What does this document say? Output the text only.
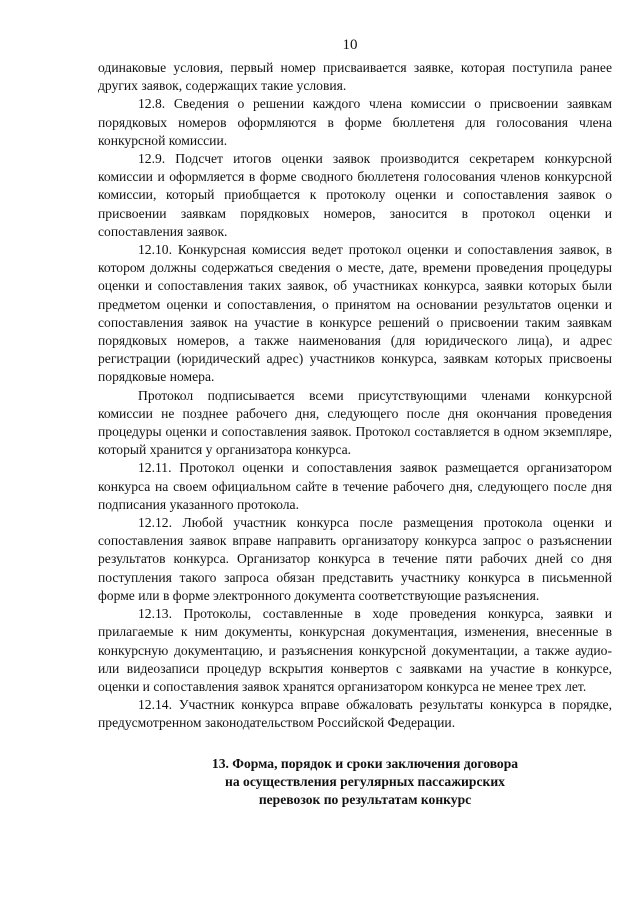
10

одинаковые условия, первый номер присваивается заявке, которая поступила ранее других заявок, содержащих такие условия.

12.8. Сведения о решении каждого члена комиссии о присвоении заявкам порядковых номеров оформляются в форме бюллетеня для голосования члена конкурсной комиссии.

12.9. Подсчет итогов оценки заявок производится секретарем конкурсной комиссии и оформляется в форме сводного бюллетеня голосования членов конкурсной комиссии, который приобщается к протоколу оценки и сопоставления заявок о присвоении заявкам порядковых номеров, заносится в протокол оценки и сопоставления заявок.

12.10. Конкурсная комиссия ведет протокол оценки и сопоставления заявок, в котором должны содержаться сведения о месте, дате, времени проведения процедуры оценки и сопоставления таких заявок, об участниках конкурса, заявки которых были предметом оценки и сопоставления, о принятом на основании результатов оценки и сопоставления заявок на участие в конкурсе решений о присвоении таким заявкам порядковых номеров, а также наименования (для юридического лица), и адрес регистрации (юридический адрес) участников конкурса, заявкам которых присвоены порядковые номера.

Протокол подписывается всеми присутствующими членами конкурсной комиссии не позднее рабочего дня, следующего после дня окончания проведения процедуры оценки и сопоставления заявок. Протокол составляется в одном экземпляре, который хранится у организатора конкурса.

12.11. Протокол оценки и сопоставления заявок размещается организатором конкурса на своем официальном сайте в течение рабочего дня, следующего после дня подписания указанного протокола.

12.12. Любой участник конкурса после размещения протокола оценки и сопоставления заявок вправе направить организатору конкурса запрос о разъяснении результатов конкурса. Организатор конкурса в течение пяти рабочих дней со дня поступления такого запроса обязан представить участнику конкурса в письменной форме или в форме электронного документа соответствующие разъяснения.

12.13. Протоколы, составленные в ходе проведения конкурса, заявки и прилагаемые к ним документы, конкурсная документация, изменения, внесенные в конкурсную документацию, и разъяснения конкурсной документации, а также аудио- или видеозаписи процедур вскрытия конвертов с заявками на участие в конкурсе, оценки и сопоставления заявок хранятся организатором конкурса не менее трех лет.

12.14. Участник конкурса вправе обжаловать результаты конкурса в порядке, предусмотренном законодательством Российской Федерации.

13. Форма, порядок и сроки заключения договора
на осуществления регулярных пассажирских
перевозок по результатам конкурс
